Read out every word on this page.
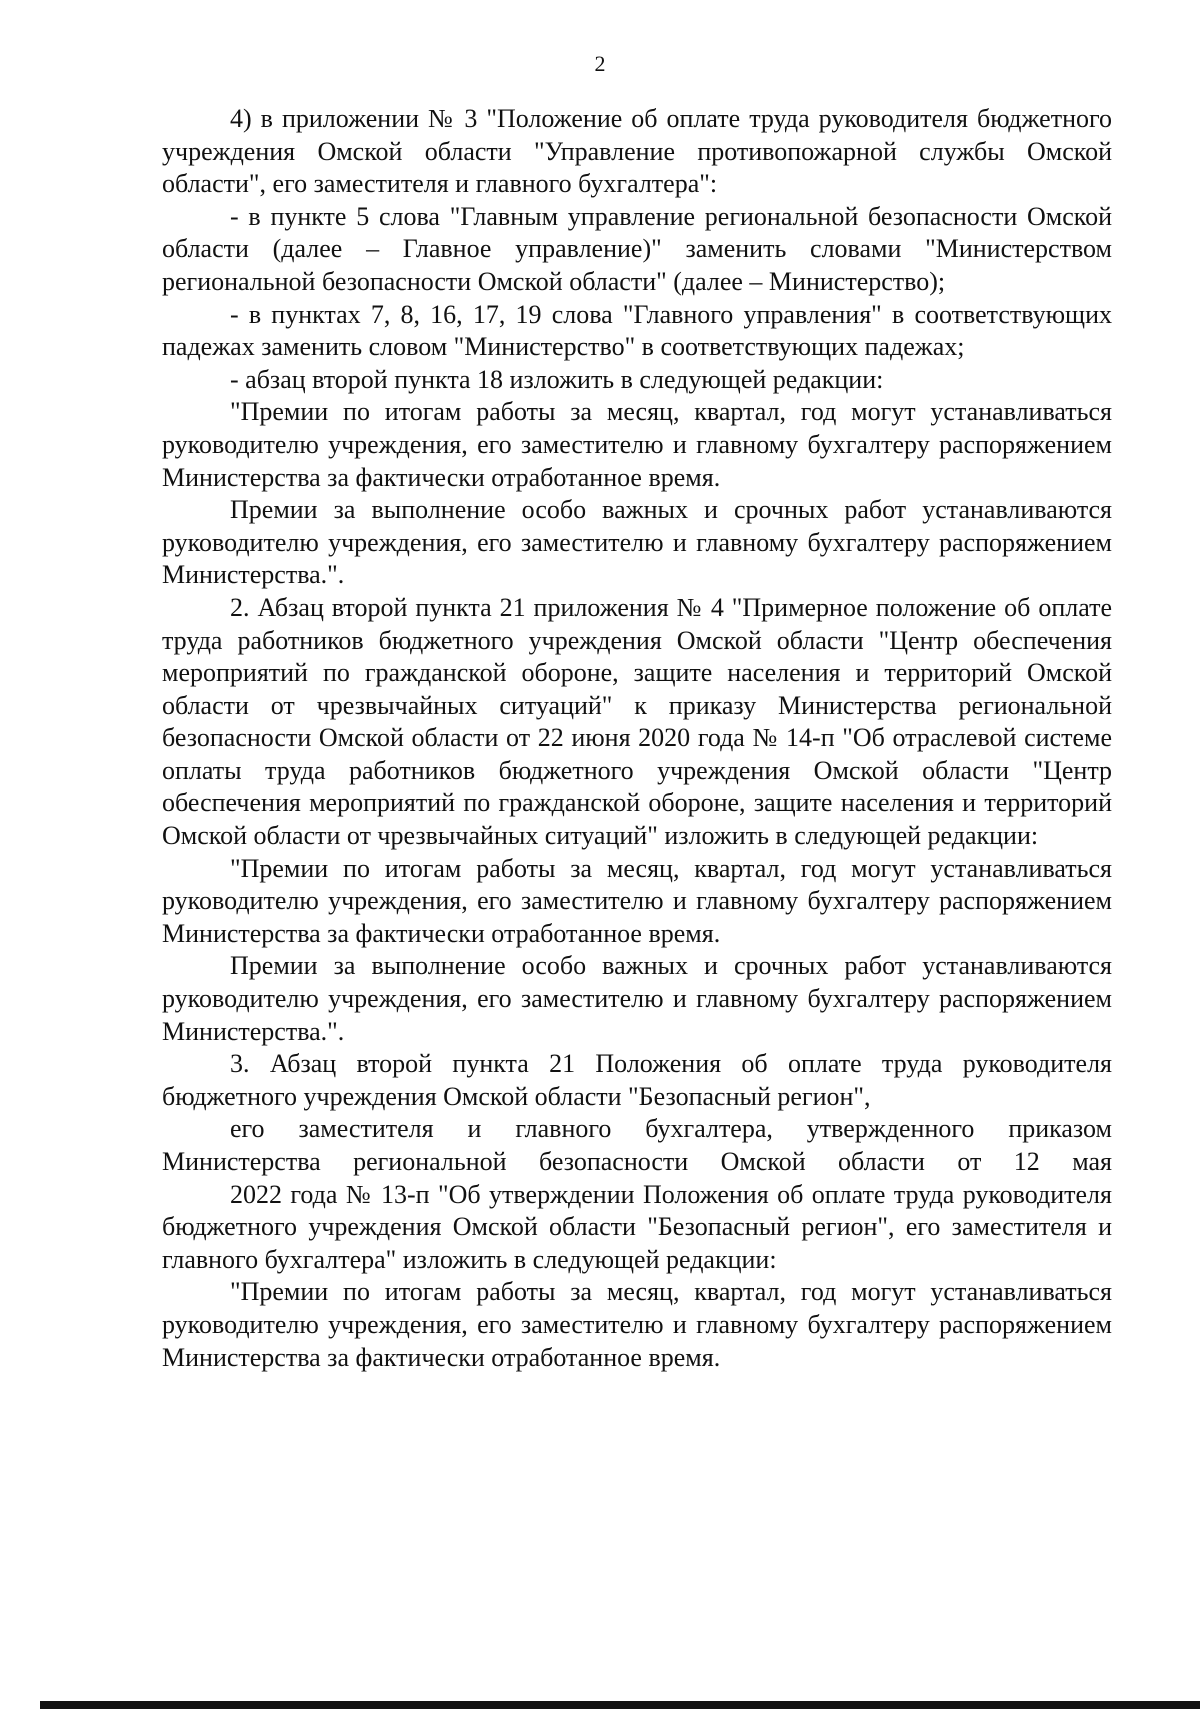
2

4) в приложении № 3 "Положение об оплате труда руководителя бюджетного учреждения Омской области "Управление противопожарной службы Омской области", его заместителя и главного бухгалтера":

- в пункте 5 слова "Главным управление региональной безопасности Омской области (далее – Главное управление)" заменить словами "Министерством региональной безопасности Омской области" (далее – Министерство);

- в пунктах 7, 8, 16, 17, 19 слова "Главного управления" в соответствующих падежах заменить словом "Министерство" в соответствующих падежах;

- абзац второй пункта 18 изложить в следующей редакции:

"Премии по итогам работы за месяц, квартал, год могут устанавливаться руководителю учреждения, его заместителю и главному бухгалтеру распоряжением Министерства за фактически отработанное время.

Премии за выполнение особо важных и срочных работ устанавливаются руководителю учреждения, его заместителю и главному бухгалтеру распоряжением Министерства.".

2. Абзац второй пункта 21 приложения № 4 "Примерное положение об оплате труда работников бюджетного учреждения Омской области "Центр обеспечения мероприятий по гражданской обороне, защите населения и территорий Омской области от чрезвычайных ситуаций" к приказу Министерства региональной безопасности Омской области от 22 июня 2020 года № 14-п "Об отраслевой системе оплаты труда работников бюджетного учреждения Омской области "Центр обеспечения мероприятий по гражданской обороне, защите населения и территорий Омской области от чрезвычайных ситуаций" изложить в следующей редакции:

"Премии по итогам работы за месяц, квартал, год могут устанавливаться руководителю учреждения, его заместителю и главному бухгалтеру распоряжением Министерства за фактически отработанное время.

Премии за выполнение особо важных и срочных работ устанавливаются руководителю учреждения, его заместителю и главному бухгалтеру распоряжением Министерства.".

3. Абзац второй пункта 21 Положения об оплате труда руководителя бюджетного учреждения Омской области "Безопасный регион",

его заместителя и главного бухгалтера, утвержденного приказом Министерства региональной безопасности Омской области от 12 мая

2022 года № 13-п "Об утверждении Положения об оплате труда руководителя бюджетного учреждения Омской области "Безопасный регион", его заместителя и главного бухгалтера" изложить в следующей редакции:

"Премии по итогам работы за месяц, квартал, год могут устанавливаться руководителю учреждения, его заместителю и главному бухгалтеру распоряжением Министерства за фактически отработанное время.
